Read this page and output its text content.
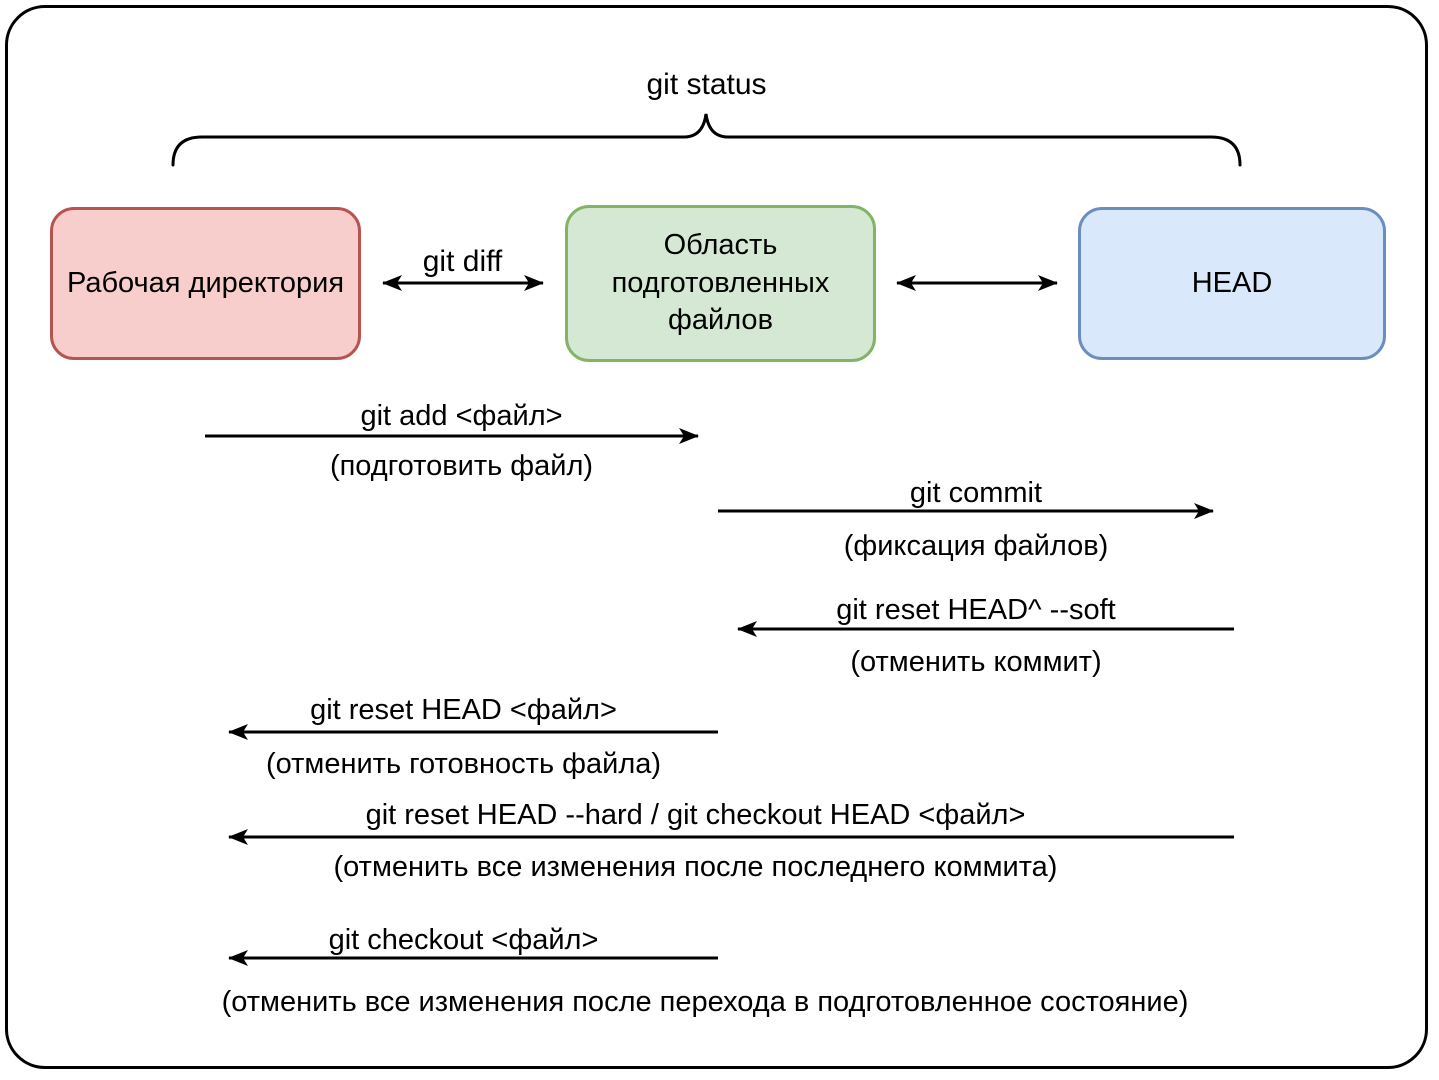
git status
Рабочая директория
Область подготовленных файлов
HEAD
git diff
git add <файл>
(подготовить файл)
git commit
(фиксация файлов)
git reset HEAD^ --soft
(отменить коммит)
git reset HEAD <файл>
(отменить готовность файла)
git reset HEAD --hard / git checkout HEAD <файл>
(отменить все изменения после последнего коммита)
git checkout <файл>
(отменить все изменения после перехода в подготовленное состояние)
